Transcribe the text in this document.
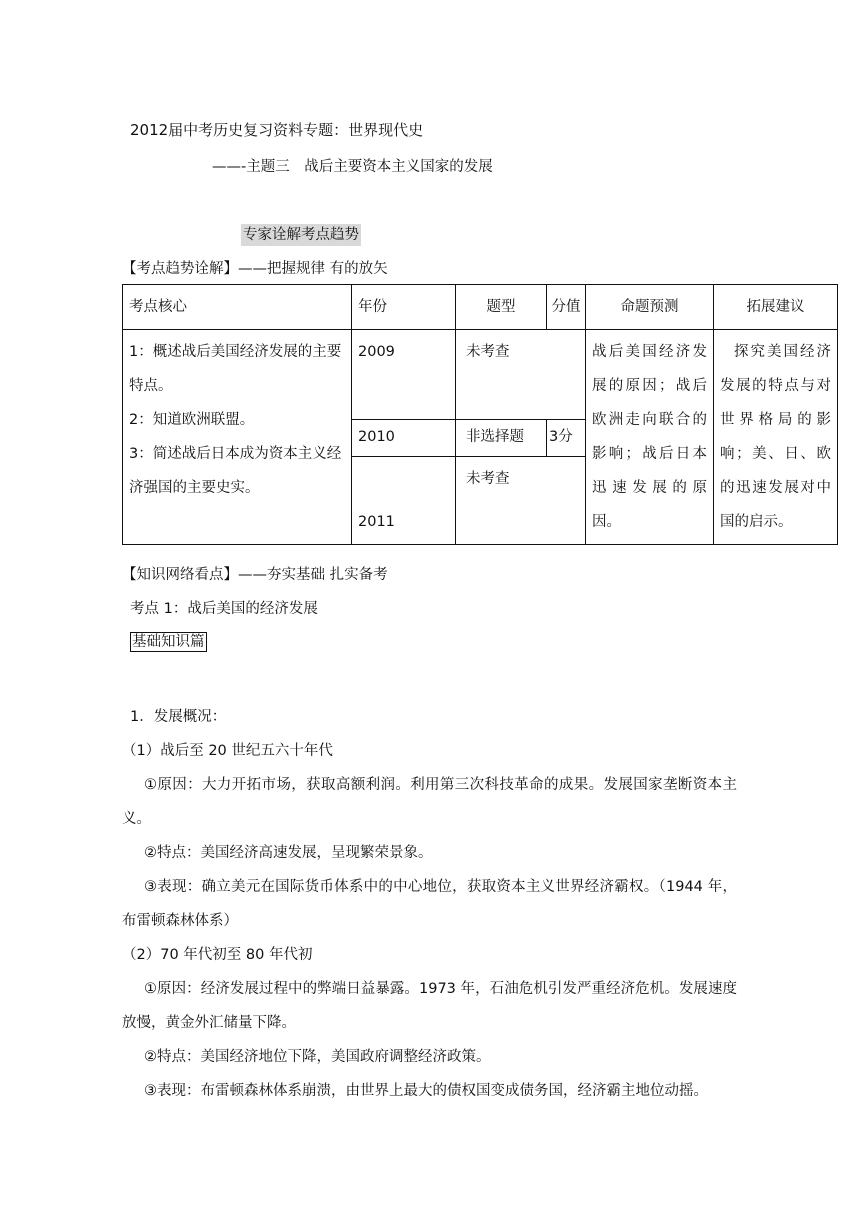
2012届中考历史复习资料专题：世界现代史
——-主题三　战后主要资本主义国家的发展
专家诠解考点趋势
【考点趋势诠解】——把握规律 有的放矢
考点核心	年份	题型	分值	命题预测	拓展建议

1：概述战后美国经济发展的主要特点。
2：知道欧洲联盟。
3：简述战后日本成为资本主义经济强国的主要史实。	2009	未考查		战后美国经济发展的原因；战后欧洲走向联合的影响；战后日本迅速发展的原因。	探究美国经济发展的特点与对世界格局的影响；美、日、欧的迅速发展对中国的启示。
	2010	非选择题	3分		
	2011	未考查			
【知识网络看点】——夯实基础 扎实备考
考点 1：战后美国的经济发展
基础知识篇
1．发展概况：
（1）战后至 20 世纪五六十年代
①原因：大力开拓市场，获取高额利润。利用第三次科技革命的成果。发展国家垄断资本主义。
②特点：美国经济高速发展，呈现繁荣景象。
③表现：确立美元在国际货币体系中的中心地位，获取资本主义世界经济霸权。（1944 年，布雷顿森林体系）
（2）70 年代初至 80 年代初
①原因：经济发展过程中的弊端日益暴露。1973 年，石油危机引发严重经济危机。发展速度放慢，黄金外汇储量下降。
②特点：美国经济地位下降，美国政府调整经济政策。
③表现：布雷顿森林体系崩溃，由世界上最大的债权国变成债务国，经济霸主地位动摇。
